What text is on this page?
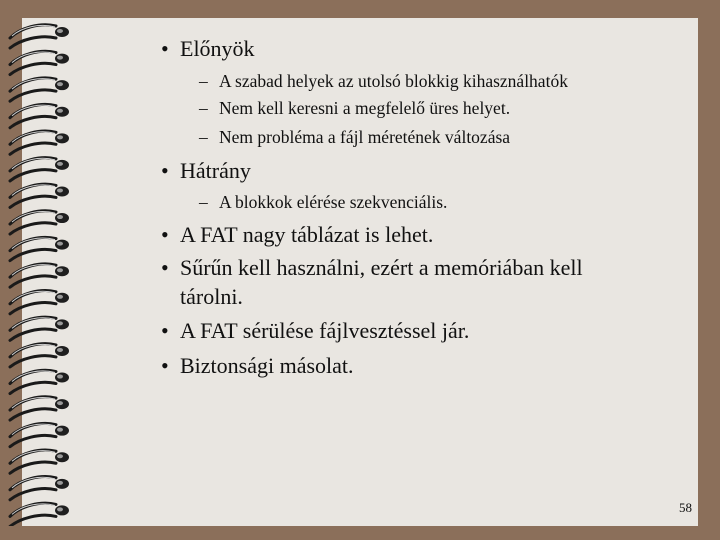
• Előnyök
– A szabad helyek az utolsó blokkig kihasználhatók
– Nem kell keresni a megfelelő üres helyet.
– Nem probléma a fájl méretének változása
• Hátrány
– A blokkok elérése szekvenciális.
• A FAT nagy táblázat is lehet.
• Sűrűn kell használni, ezért a memóriában kell
tárolni.
• A FAT sérülése fájlvesztéssel jár.
• Biztonsági másolat.
58
